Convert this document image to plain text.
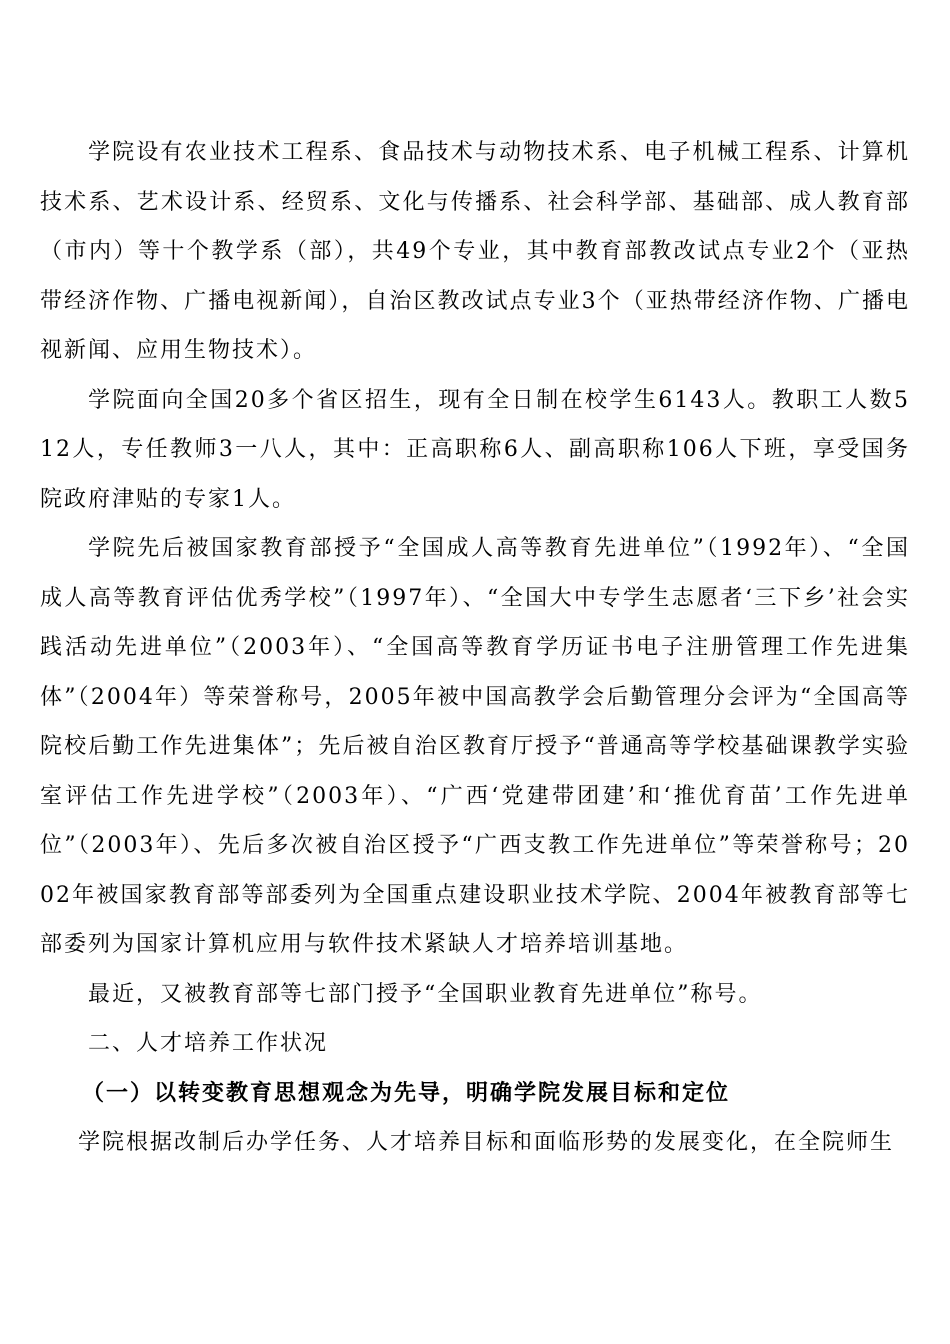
学院设有农业技术工程系、食品技术与动物技术系、电子机械工程系、计算机技术系、艺术设计系、经贸系、文化与传播系、社会科学部、基础部、成人教育部（市内）等十个教学系（部），共49个专业，其中教育部教改试点专业2个（亚热带经济作物、广播电视新闻），自治区教改试点专业3个（亚热带经济作物、广播电视新闻、应用生物技术）。

学院面向全国20多个省区招生，现有全日制在校学生6143人。教职工人数512人，专任教师3一八人，其中：正高职称6人、副高职称106人下班，享受国务院政府津贴的专家1人。

学院先后被国家教育部授予“全国成人高等教育先进单位”（1992年）、“全国成人高等教育评估优秀学校”（1997年）、“全国大中专学生志愿者‘三下乡’社会实践活动先进单位”（2003年）、“全国高等教育学历证书电子注册管理工作先进集体”（2004年）等荣誉称号，2005年被中国高教学会后勤管理分会评为“全国高等院校后勤工作先进集体”；先后被自治区教育厅授予“普通高等学校基础课教学实验室评估工作先进学校”（2003年）、“广西‘党建带团建’和‘推优育苗’工作先进单位”（2003年）、先后多次被自治区授予“广西支教工作先进单位”等荣誉称号；2002年被国家教育部等部委列为全国重点建设职业技术学院、2004年被教育部等七部委列为国家计算机应用与软件技术紧缺人才培养培训基地。

最近，又被教育部等七部门授予“全国职业教育先进单位”称号。

二、人才培养工作状况

（一）以转变教育思想观念为先导，明确学院发展目标和定位

学院根据改制后办学任务、人才培养目标和面临形势的发展变化，在全院师生
